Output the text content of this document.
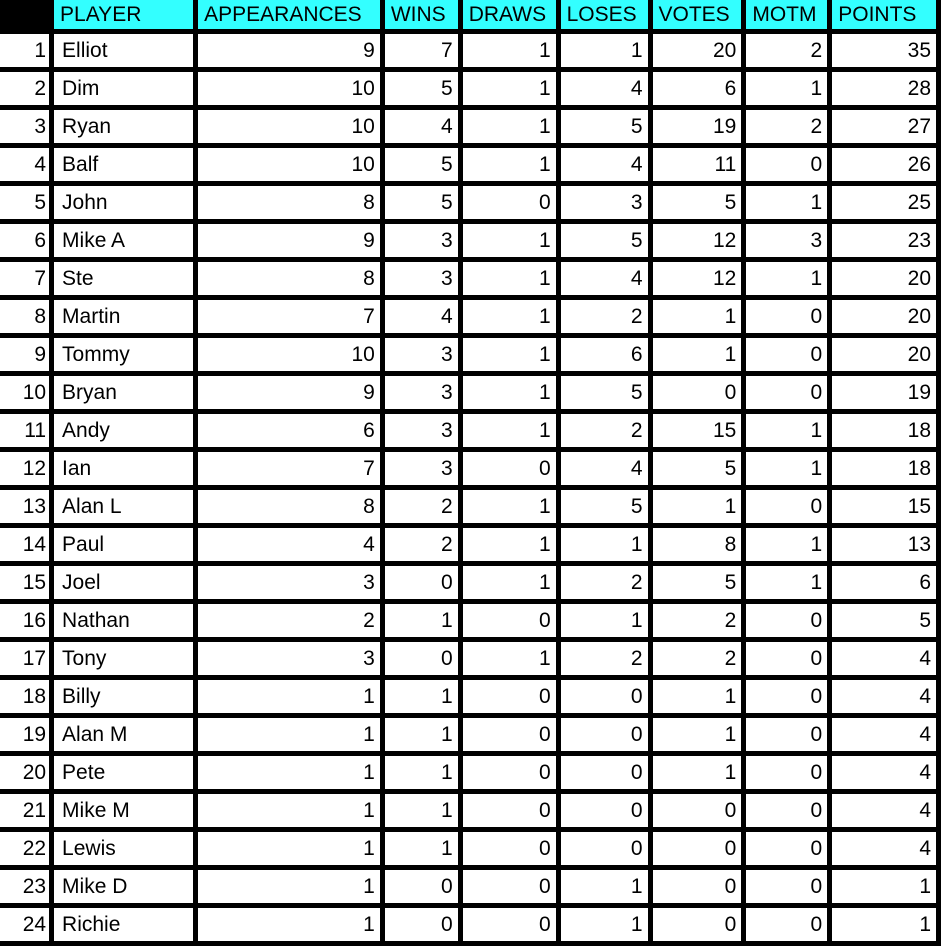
	PLAYER	APPEARANCES	WINS	DRAWS	LOSES	VOTES	MOTM	POINTS
1	Elliot	9	7	1	1	20	2	35
2	Dim	10	5	1	4	6	1	28
3	Ryan	10	4	1	5	19	2	27
4	Balf	10	5	1	4	11	0	26
5	John	8	5	0	3	5	1	25
6	Mike A	9	3	1	5	12	3	23
7	Ste	8	3	1	4	12	1	20
8	Martin	7	4	1	2	1	0	20
9	Tommy	10	3	1	6	1	0	20
10	Bryan	9	3	1	5	0	0	19
11	Andy	6	3	1	2	15	1	18
12	Ian	7	3	0	4	5	1	18
13	Alan L	8	2	1	5	1	0	15
14	Paul	4	2	1	1	8	1	13
15	Joel	3	0	1	2	5	1	6
16	Nathan	2	1	0	1	2	0	5
17	Tony	3	0	1	2	2	0	4
18	Billy	1	1	0	0	1	0	4
19	Alan M	1	1	0	0	1	0	4
20	Pete	1	1	0	0	1	0	4
21	Mike M	1	1	0	0	0	0	4
22	Lewis	1	1	0	0	0	0	4
23	Mike D	1	0	0	1	0	0	1
24	Richie	1	0	0	1	0	0	1
